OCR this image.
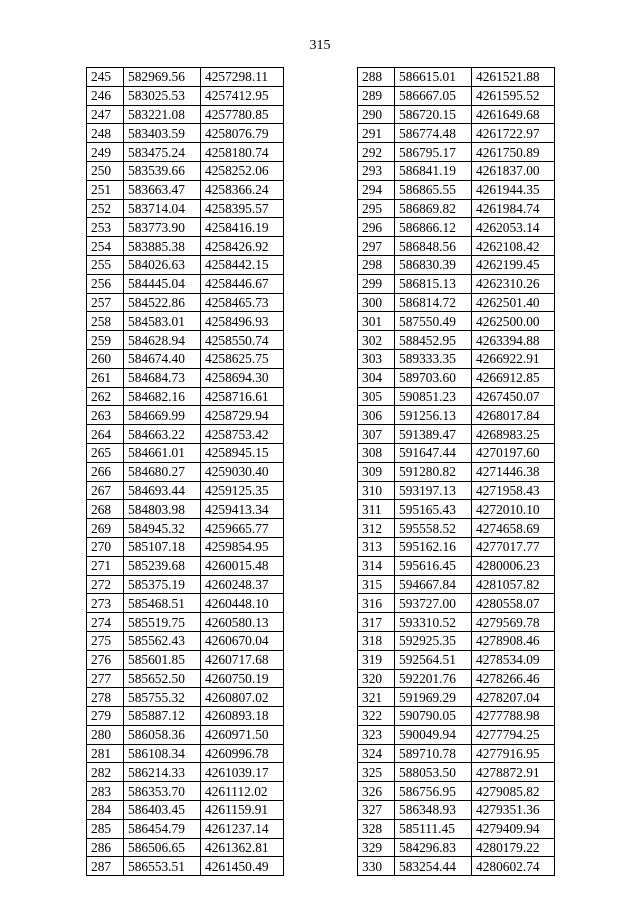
315
245	582969.56	4257298.11
246	583025.53	4257412.95
247	583221.08	4257780.85
248	583403.59	4258076.79
249	583475.24	4258180.74
250	583539.66	4258252.06
251	583663.47	4258366.24
252	583714.04	4258395.57
253	583773.90	4258416.19
254	583885.38	4258426.92
255	584026.63	4258442.15
256	584445.04	4258446.67
257	584522.86	4258465.73
258	584583.01	4258496.93
259	584628.94	4258550.74
260	584674.40	4258625.75
261	584684.73	4258694.30
262	584682.16	4258716.61
263	584669.99	4258729.94
264	584663.22	4258753.42
265	584661.01	4258945.15
266	584680.27	4259030.40
267	584693.44	4259125.35
268	584803.98	4259413.34
269	584945.32	4259665.77
270	585107.18	4259854.95
271	585239.68	4260015.48
272	585375.19	4260248.37
273	585468.51	4260448.10
274	585519.75	4260580.13
275	585562.43	4260670.04
276	585601.85	4260717.68
277	585652.50	4260750.19
278	585755.32	4260807.02
279	585887.12	4260893.18
280	586058.36	4260971.50
281	586108.34	4260996.78
282	586214.33	4261039.17
283	586353.70	4261112.02
284	586403.45	4261159.91
285	586454.79	4261237.14
286	586506.65	4261362.81
287	586553.51	4261450.49
288	586615.01	4261521.88
289	586667.05	4261595.52
290	586720.15	4261649.68
291	586774.48	4261722.97
292	586795.17	4261750.89
293	586841.19	4261837.00
294	586865.55	4261944.35
295	586869.82	4261984.74
296	586866.12	4262053.14
297	586848.56	4262108.42
298	586830.39	4262199.45
299	586815.13	4262310.26
300	586814.72	4262501.40
301	587550.49	4262500.00
302	588452.95	4263394.88
303	589333.35	4266922.91
304	589703.60	4266912.85
305	590851.23	4267450.07
306	591256.13	4268017.84
307	591389.47	4268983.25
308	591647.44	4270197.60
309	591280.82	4271446.38
310	593197.13	4271958.43
311	595165.43	4272010.10
312	595558.52	4274658.69
313	595162.16	4277017.77
314	595616.45	4280006.23
315	594667.84	4281057.82
316	593727.00	4280558.07
317	593310.52	4279569.78
318	592925.35	4278908.46
319	592564.51	4278534.09
320	592201.76	4278266.46
321	591969.29	4278207.04
322	590790.05	4277788.98
323	590049.94	4277794.25
324	589710.78	4277916.95
325	588053.50	4278872.91
326	586756.95	4279085.82
327	586348.93	4279351.36
328	585111.45	4279409.94
329	584296.83	4280179.22
330	583254.44	4280602.74
